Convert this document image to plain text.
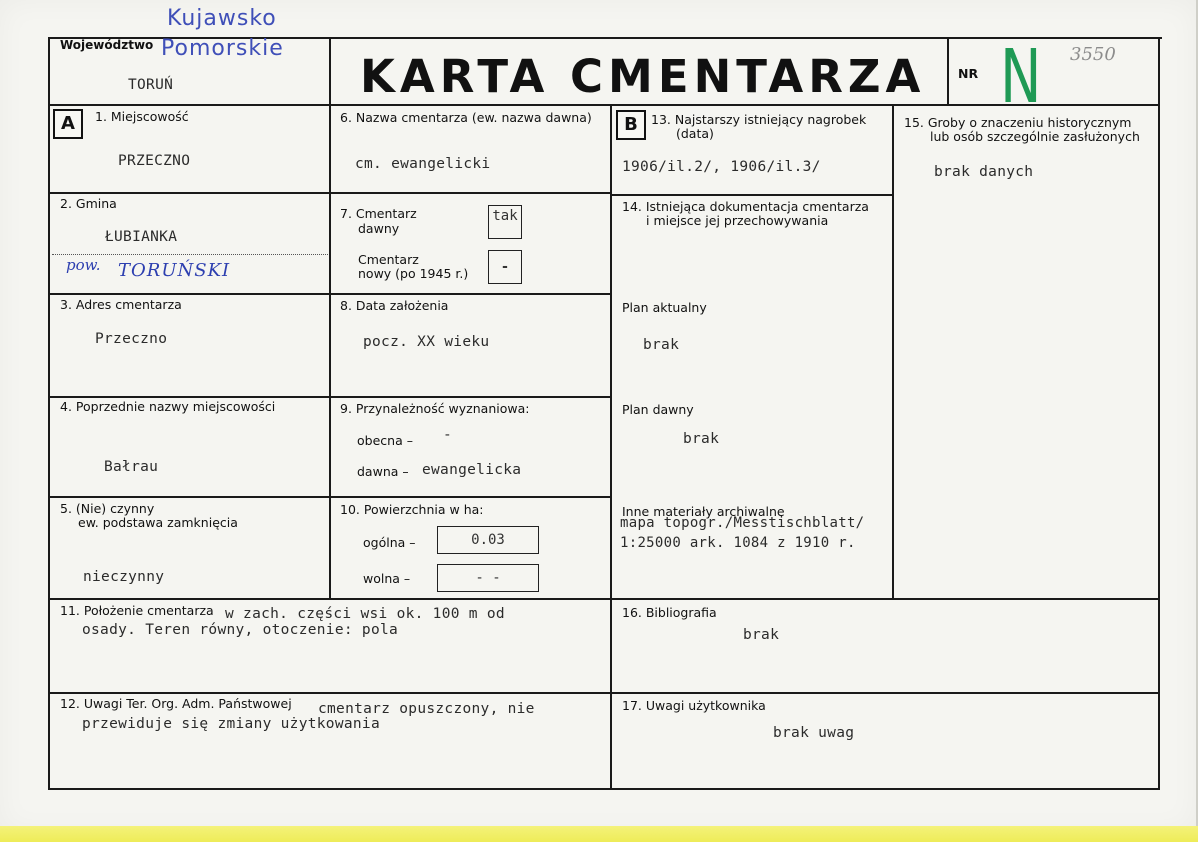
Kujawsko
Pomorskie
Województwo
TORUŃ	KARTA CMENTARZA	NR N 3550
A	B
1. Miejscowość
PRZECZNO
2. Gmina
ŁUBIANKA
pow. TORUŃSKI
3. Adres cmentarza
Przeczno
4. Poprzednie nazwy miejscowości
Bałrau
5. (Nie) czynny
ew. podstawa zamknięcia
nieczynny
6. Nazwa cmentarza (ew. nazwa dawna)
cm. ewangelicki
7. Cmentarz
dawny
tak
Cmentarz
nowy (po 1945 r.)	-
8. Data założenia
pocz. XX wieku
9. Przynależność wyznaniowa:
obecna – -
dawna – ewangelicka
10. Powierzchnia w ha:
ogólna –	0.03
wolna –	- -
13. Najstarszy istniejący nagrobek
(data)
1906/il.2/, 1906/il.3/
14. Istniejąca dokumentacja cmentarza
i miejsce jej przechowywania
Plan aktualny
brak
Plan dawny
brak
Inne materiały archiwalne
mapa topogr./Messtischblatt/
1:25000 ark. 1084 z 1910 r.
15. Groby o znaczeniu historycznym
lub osób szczególnie zasłużonych
brak danych
11. Położenie cmentarza w zach. części wsi ok. 100 m od
osady. Teren równy, otoczenie: pola
16. Bibliografia
brak
12. Uwagi Ter. Org. Adm. Państwowej cmentarz opuszczony, nie
przewiduje się zmiany użytkowania
17. Uwagi użytkownika
brak uwag
